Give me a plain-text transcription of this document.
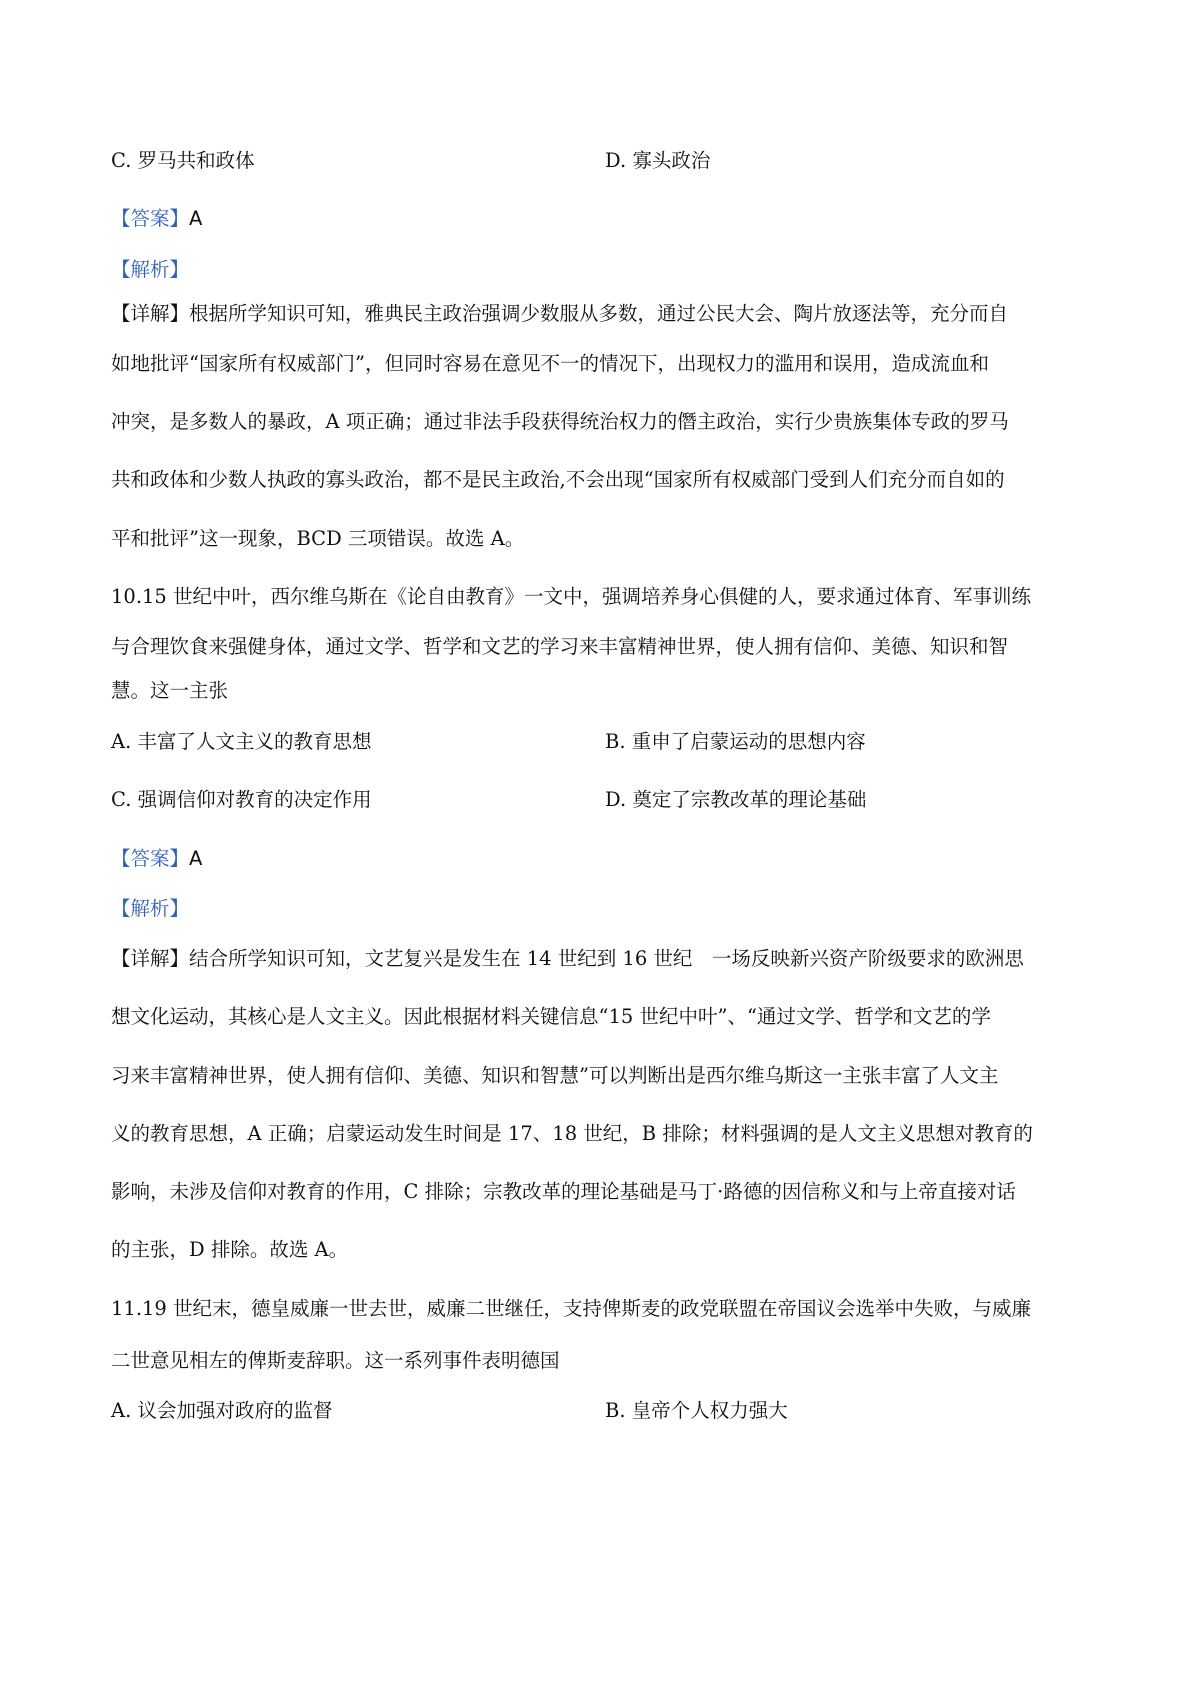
C. 罗马共和政体	D. 寡头政治
【答案】A
【解析】
【详解】根据所学知识可知，雅典民主政治强调少数服从多数，通过公民大会、陶片放逐法等，充分而自
如地批评“国家所有权威部门”，但同时容易在意见不一的情况下，出现权力的滥用和误用，造成流血和
冲突，是多数人的暴政，A 项正确；通过非法手段获得统治权力的僭主政治，实行少贵族集体专政的罗马
共和政体和少数人执政的寡头政治，都不是民主政治,不会出现“国家所有权威部门受到人们充分而自如的
平和批评”这一现象，BCD 三项错误。故选 A。
10.15 世纪中叶，西尔维乌斯在《论自由教育》一文中，强调培养身心俱健的人，要求通过体育、军事训练
与合理饮食来强健身体，通过文学、哲学和文艺的学习来丰富精神世界，使人拥有信仰、美德、知识和智
慧。这一主张
A. 丰富了人文主义的教育思想	B. 重申了启蒙运动的思想内容
C. 强调信仰对教育的决定作用	D. 奠定了宗教改革的理论基础
【答案】A
【解析】
【详解】结合所学知识可知，文艺复兴是发生在 14 世纪到 16 世纪　一场反映新兴资产阶级要求的欧洲思
想文化运动，其核心是人文主义。因此根据材料关键信息“15 世纪中叶”、“通过文学、哲学和文艺的学
习来丰富精神世界，使人拥有信仰、美德、知识和智慧”可以判断出是西尔维乌斯这一主张丰富了人文主
义的教育思想，A 正确；启蒙运动发生时间是 17、18 世纪，B 排除；材料强调的是人文主义思想对教育的
影响，未涉及信仰对教育的作用，C 排除；宗教改革的理论基础是马丁·路德的因信称义和与上帝直接对话
的主张，D 排除。故选 A。
11.19 世纪末，德皇威廉一世去世，威廉二世继任，支持俾斯麦的政党联盟在帝国议会选举中失败，与威廉
二世意见相左的俾斯麦辞职。这一系列事件表明德国
A. 议会加强对政府的监督	B. 皇帝个人权力强大
